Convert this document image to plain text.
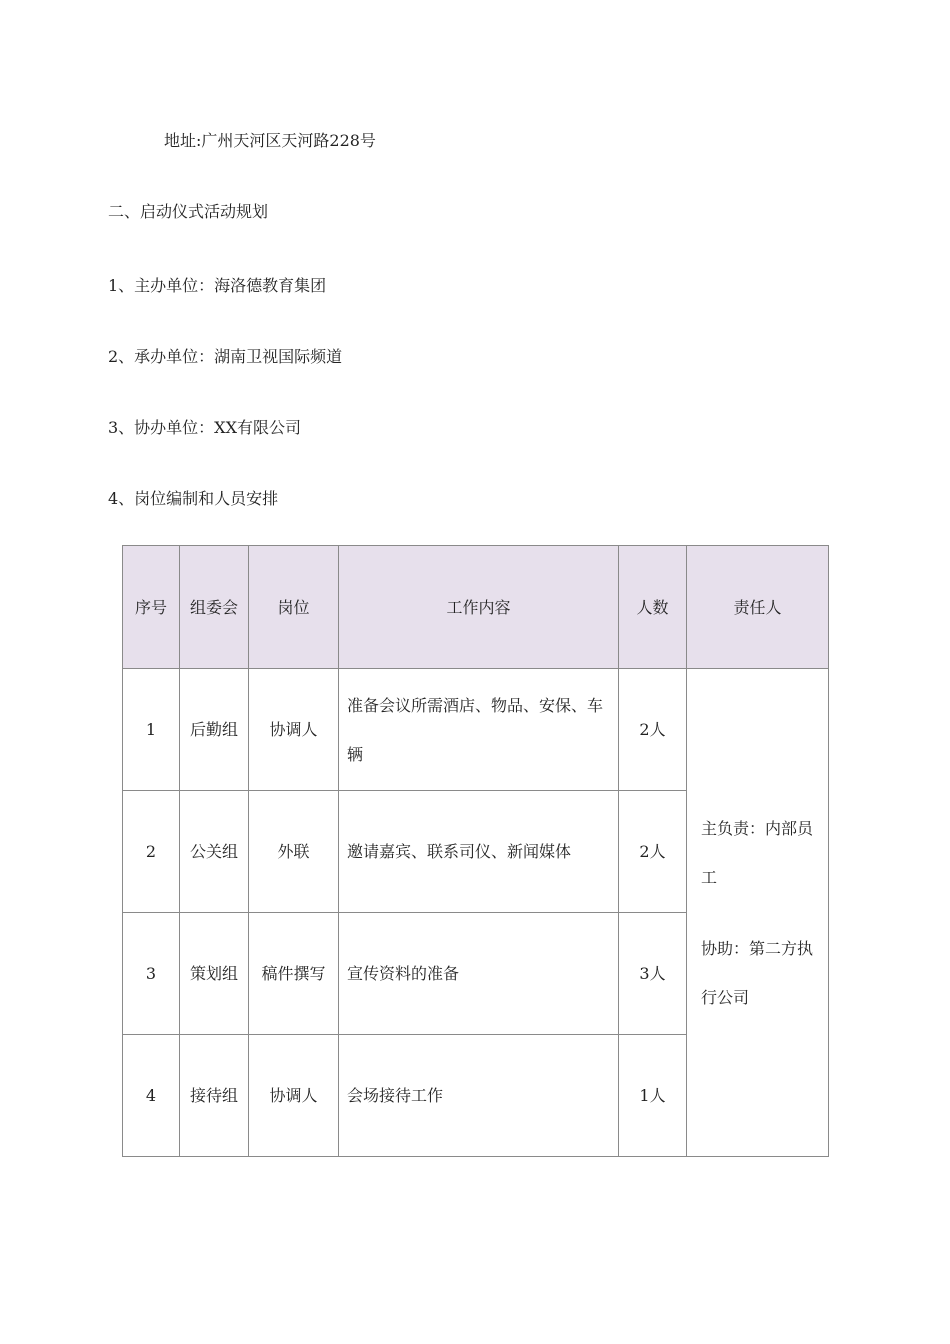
地址:广州天河区天河路228号
二、启动仪式活动规划
1、主办单位：海洛德教育集团
2、承办单位：湖南卫视国际频道
3、协办单位：XX有限公司
4、岗位编制和人员安排
序号	组委会	岗位	工作内容	人数	责任人
1	后勤组	协调人	准备会议所需酒店、物品、安保、车辆	2人	主负责：内部员工
协助：第二方执行公司

2	公关组	外联	邀请嘉宾、联系司仪、新闻媒体	2人	
3	策划组	稿件撰写	宣传资料的准备	3人	
4	接待组	协调人	会场接待工作	1人	
